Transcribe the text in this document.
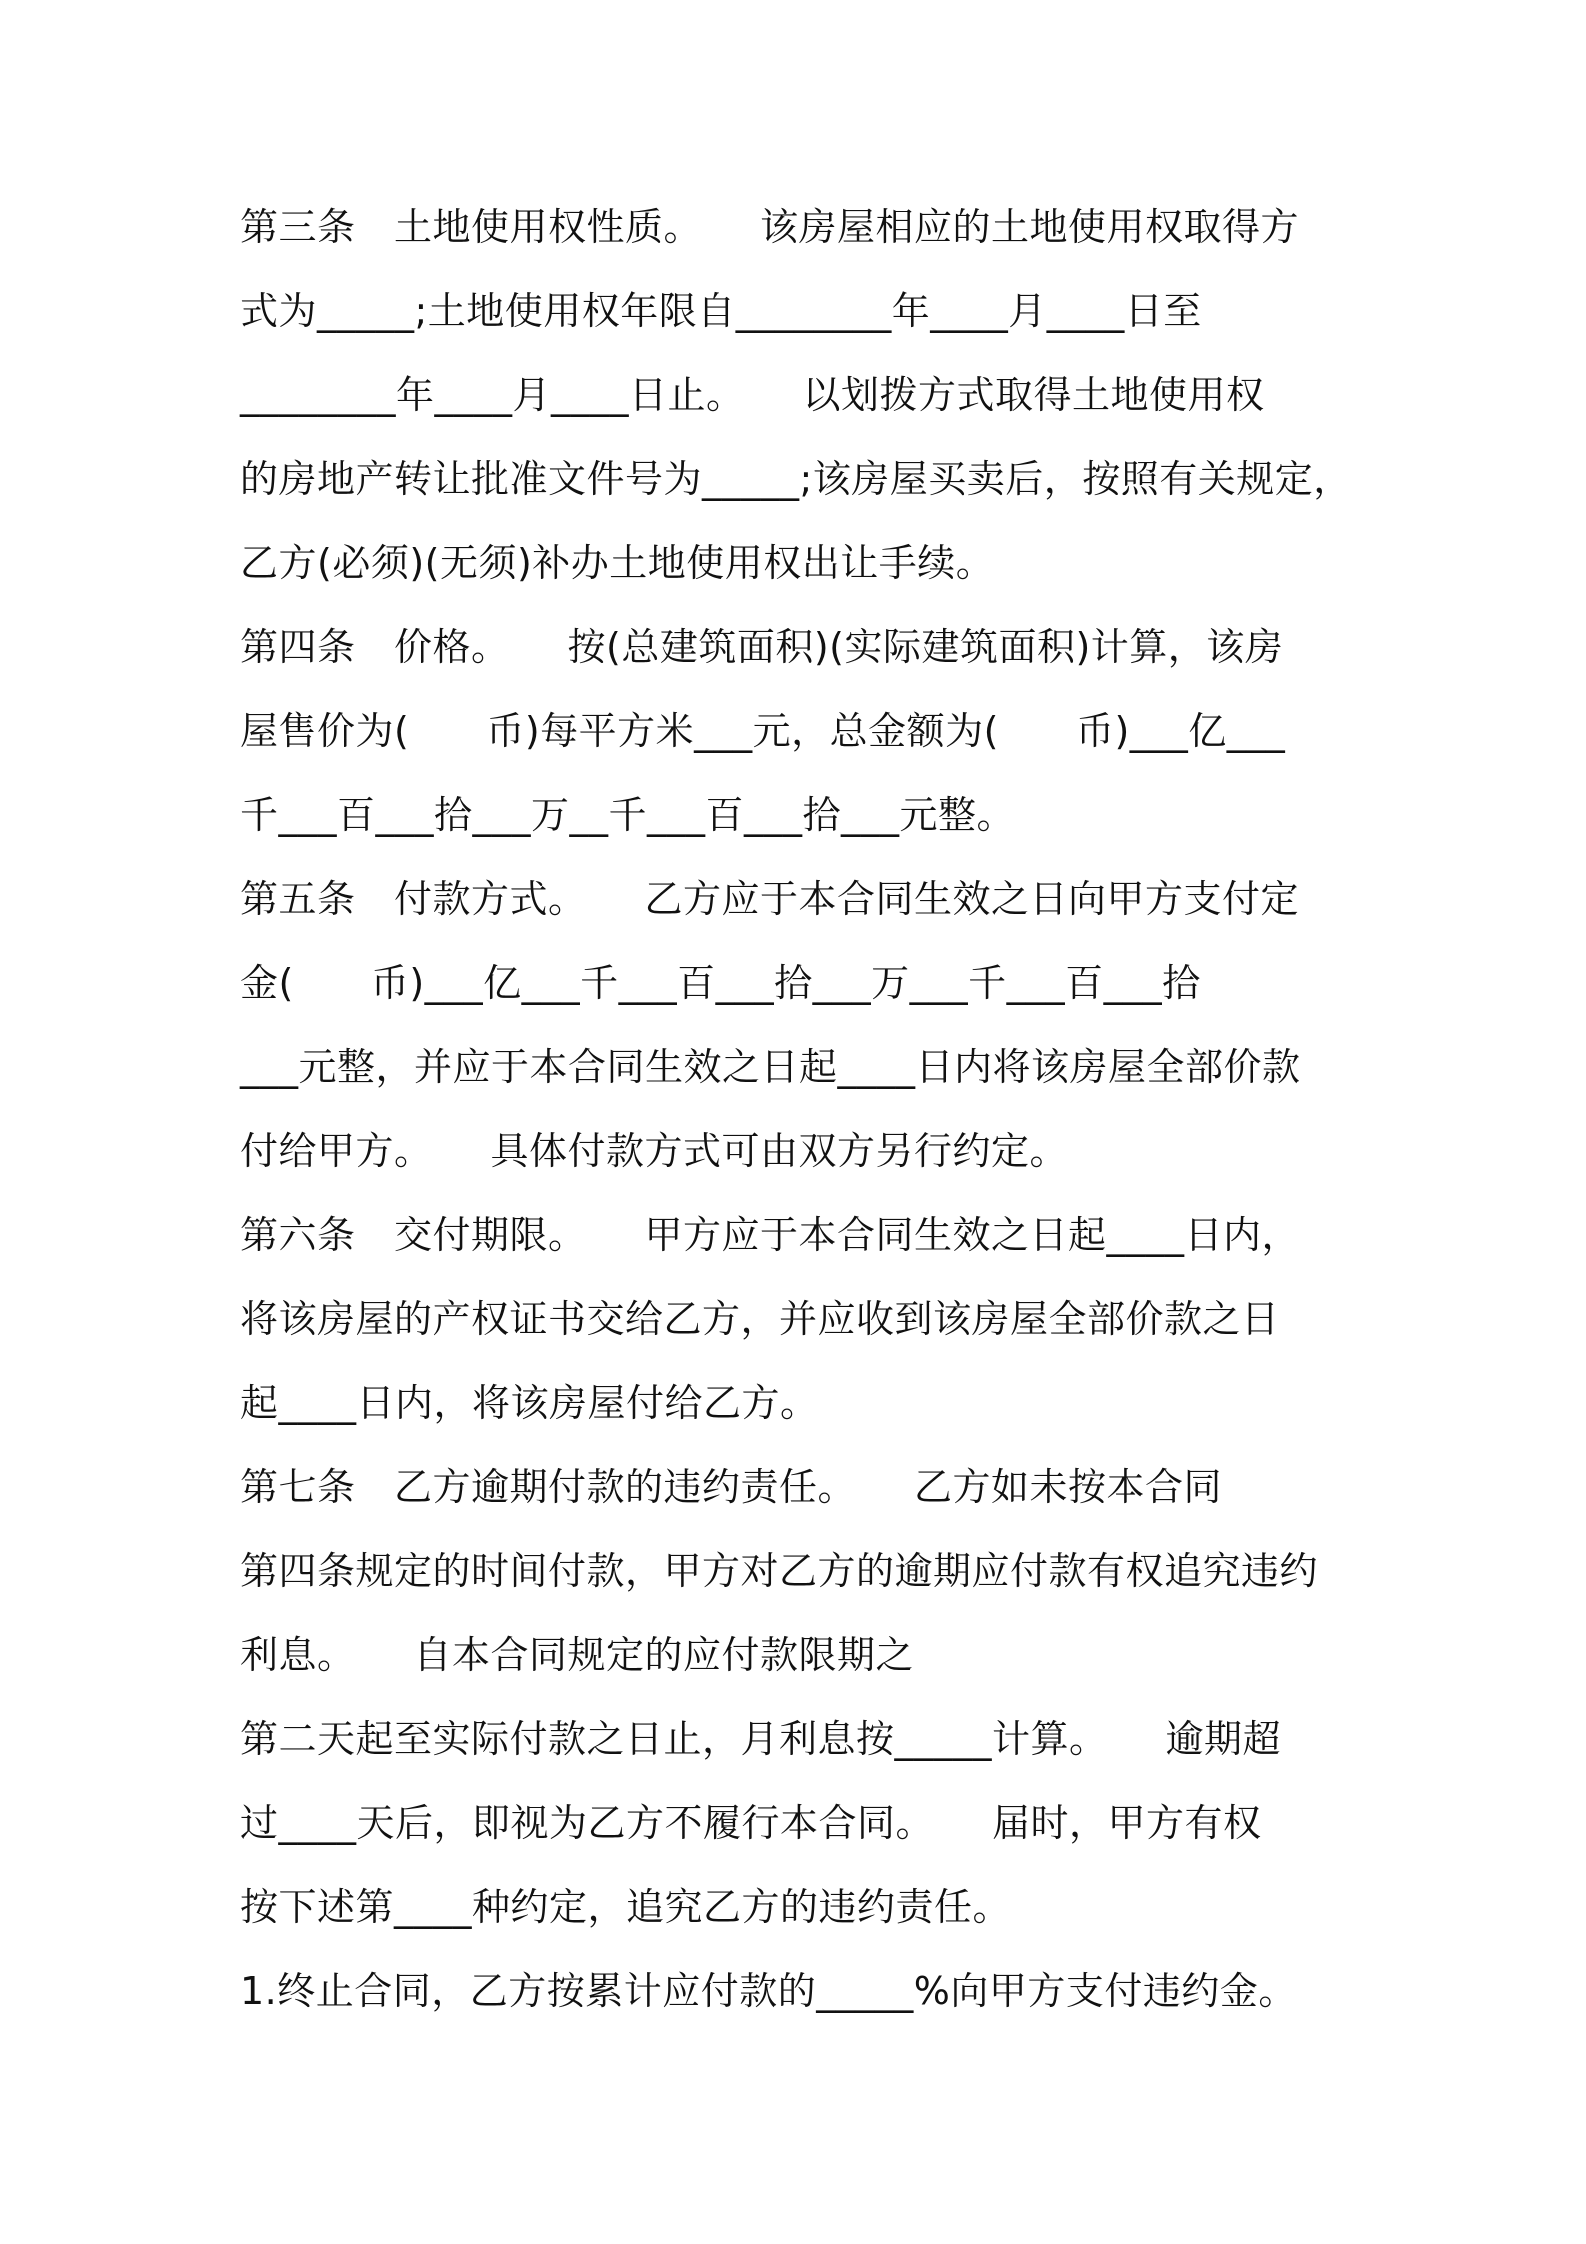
第三条　土地使用权性质。　　该房屋相应的土地使用权取得方
式为_____;土地使用权年限自________年____月____日至
________年____月____日止。　　以划拨方式取得土地使用权
的房地产转让批准文件号为_____;该房屋买卖后，按照有关规定，
乙方(必须)(无须)补办土地使用权出让手续。
第四条　价格。　　按(总建筑面积)(实际建筑面积)计算，该房
屋售价为(　　币)每平方米___元，总金额为(　　币)___亿___
千___百___拾___万__千___百___拾___元整。
第五条　付款方式。　　乙方应于本合同生效之日向甲方支付定
金(　　币)___亿___千___百___拾___万___千___百___拾
___元整，并应于本合同生效之日起____日内将该房屋全部价款
付给甲方。　　具体付款方式可由双方另行约定。
第六条　交付期限。　　甲方应于本合同生效之日起____日内，
将该房屋的产权证书交给乙方，并应收到该房屋全部价款之日
起____日内，将该房屋付给乙方。
第七条　乙方逾期付款的违约责任。　　乙方如未按本合同
第四条规定的时间付款，甲方对乙方的逾期应付款有权追究违约
利息。　　自本合同规定的应付款限期之
第二天起至实际付款之日止，月利息按_____计算。　　逾期超
过____天后，即视为乙方不履行本合同。　　届时，甲方有权
按下述第____种约定，追究乙方的违约责任。
1.终止合同，乙方按累计应付款的_____%向甲方支付违约金。
